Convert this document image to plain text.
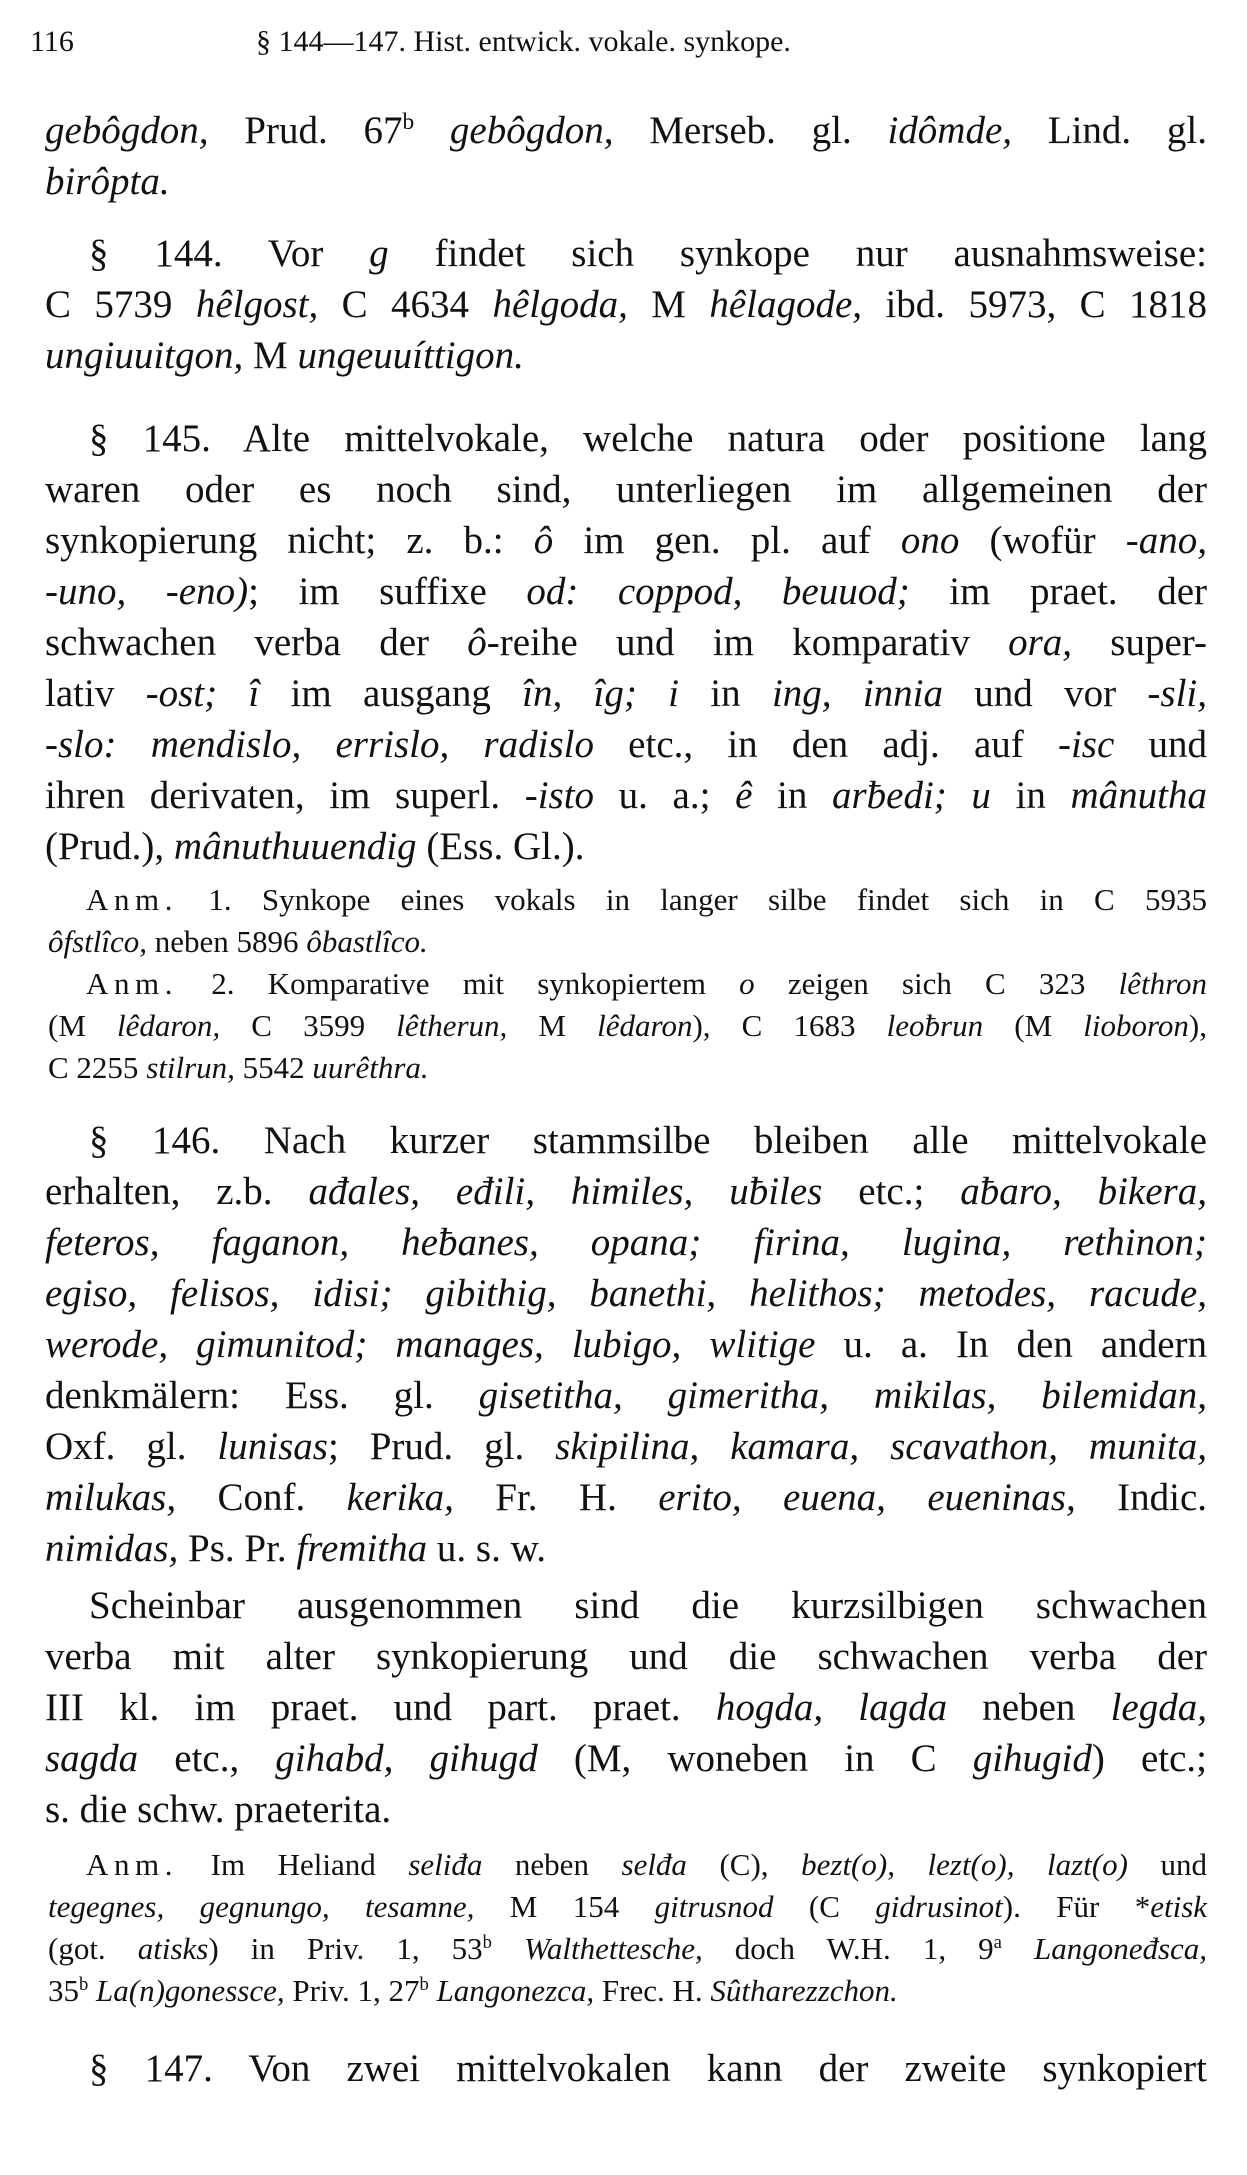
116	§ 144—147. Hist. entwick. vokale. synkope.
gebôgdon, Prud. 67$^b$ gebôgdon, Merseb. gl. idômde, Lind. gl.
birôpta.
§ 144. Vor g findet sich synkope nur ausnahmsweise:
C 5739 hêlgost, C 4634 hêlgoda, M hêlagode, ibd. 5973, C 1818
ungiuuitgon, M ungeuuíttigon.
§ 145. Alte mittelvokale, welche natura oder positione lang
waren oder es noch sind, unterliegen im allgemeinen der
synkopierung nicht; z. b.: ô im gen. pl. auf ono (wofür -ano,
-uno, -eno); im suffixe od: coppod, beuuod; im praet. der
schwachen verba der ô-reihe und im komparativ ora, super-
lativ -ost; î im ausgang în, îg; i in ing, innia und vor -sli,
-slo: mendislo, errislo, radislo etc., in den adj. auf -isc und
ihren derivaten, im superl. -isto u. a.; ê in arƀedi; u in mânutha
(Prud.), mânuthuuendig (Ess. Gl.).
Anm. 1. Synkope eines vokals in langer silbe findet sich in C 5935
ôfstlîco, neben 5896 ôbastlîco.
Anm. 2. Komparative mit synkopiertem o zeigen sich C 323 lêthron
(M lêdaron, C 3599 lêtherun, M lêdaron), C 1683 leoƀrun (M lioboron),
C 2255 stilrun, 5542 uurêthra.
§ 146. Nach kurzer stammsilbe bleiben alle mittelvokale
erhalten, z.b. ađales, eđili, himiles, uƀiles etc.; aƀaro, bikera,
feteros, faganon, heƀanes, opana; firina, lugina, rethinon;
egiso, felisos, idisi; gibithig, banethi, helithos; metodes, racude,
werode, gimunitod; manages, lubigo, wlitige u. a. In den andern
denkmälern: Ess. gl. gisetitha, gimeritha, mikilas, bilemidan,
Oxf. gl. lunisas; Prud. gl. skipilina, kamara, scavathon, munita,
milukas, Conf. kerika, Fr. H. erito, euena, eueninas, Indic.
nimidas, Ps. Pr. fremitha u. s. w.
Scheinbar ausgenommen sind die kurzsilbigen schwachen
verba mit alter synkopierung und die schwachen verba der
III kl. im praet. und part. praet. hogda, lagda neben legda,
sagda etc., gihabd, gihugd (M, woneben in C gihugid) etc.;
s. die schw. praeterita.
Anm. Im Heliand seliđa neben selđa (C), bezt(o), lezt(o), lazt(o) und
tegegnes, gegnungo, tesamne, M 154 gitrusnod (C gidrusinot). Für *etisk
(got. atisks) in Priv. 1, 53$^b$ Walthettesche, doch W.H. 1, 9$^a$ Langoneđsca,
35$^b$ La(n)gonessce, Priv. 1, 27$^b$ Langonezca, Frec. H. Sûtharezzchon.
§ 147. Von zwei mittelvokalen kann der zweite synkopiert
